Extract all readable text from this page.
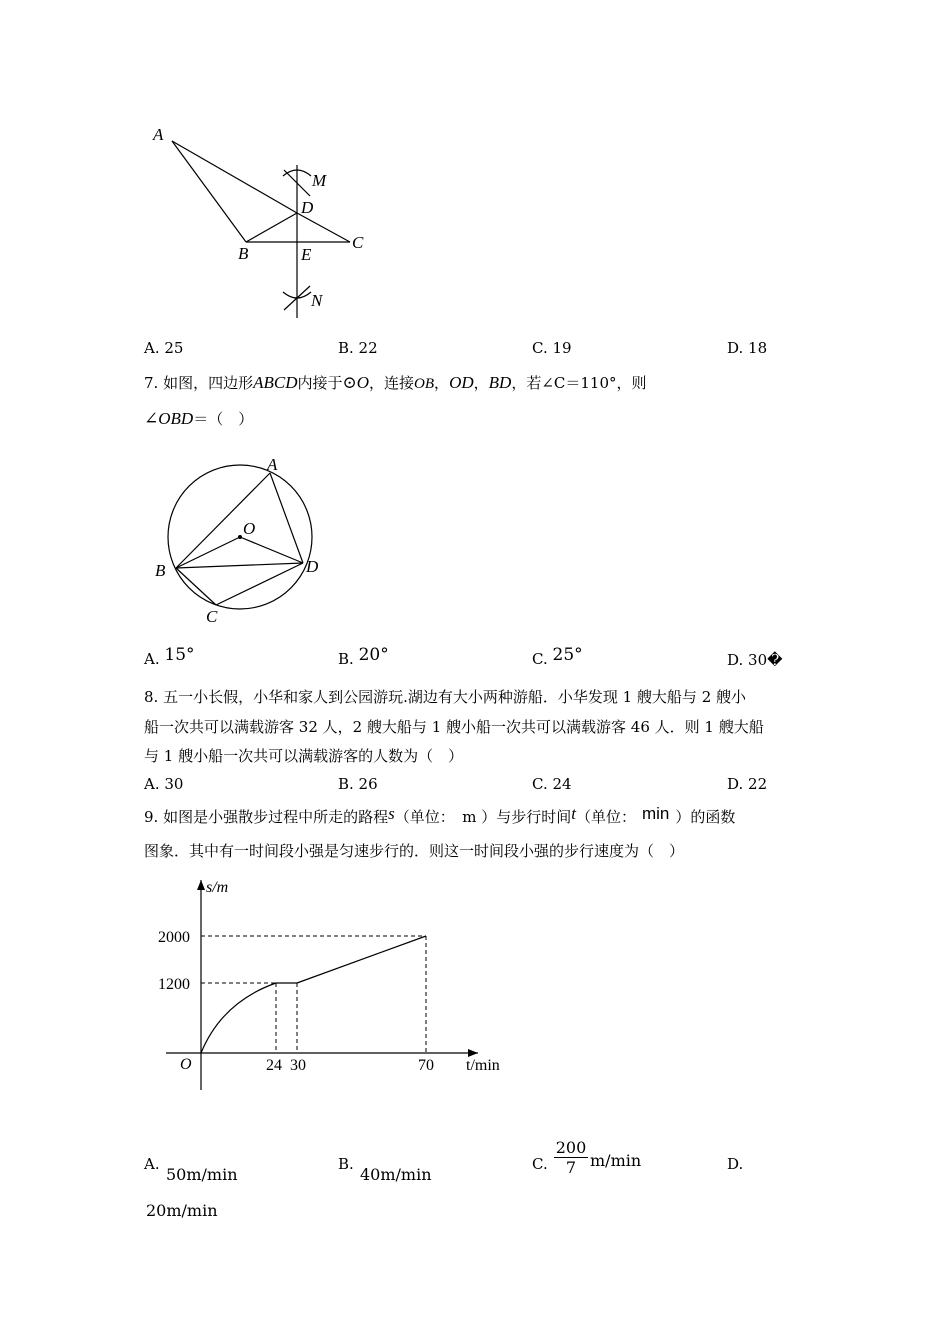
A
B
C
D
E
M
N
A. 25	B. 22	C. 19	D. 18
7. 如图，四边形ABCD内接于⊙O，连接OB，OD，BD，若∠C＝110°，则
∠OBD＝（　）
A
B
C
D
O
A. 15°	B. 20°	C. 25°	D. 30�
8. 五一小长假，小华和家人到公园游玩.湖边有大小两种游船．小华发现 1 艘大船与 2 艘小
船一次共可以满载游客 32 人，2 艘大船与 1 艘小船一次共可以满载游客 46 人．则 1 艘大船
与 1 艘小船一次共可以满载游客的人数为（　）
A. 30	B. 26	C. 24	D. 22
9. 如图是小强散步过程中所走的路程s（单位：　m ）与步行时间t（单位： min ）的函数
图象．其中有一时间段小强是匀速步行的．则这一时间段小强的步行速度为（　）
s/m
t/min
O
2000
1200
24 30	70
A.
50m/min
B.
40m/min
C. $\frac{200}{7} m/\min$	D.
20m/min
